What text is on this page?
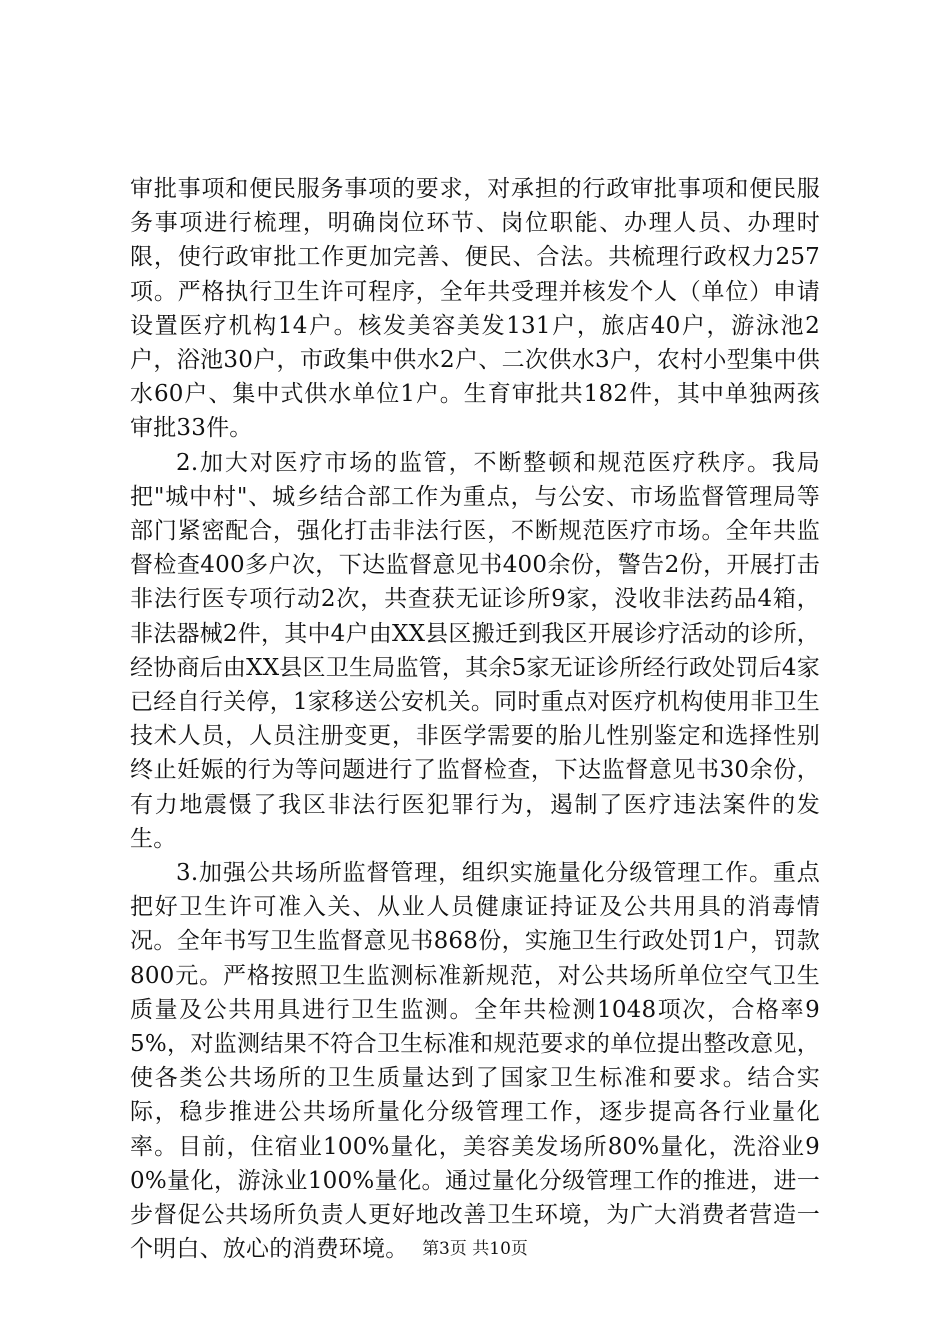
审批事项和便民服务事项的要求，对承担的行政审批事项和便民服务事项进行梳理，明确岗位环节、岗位职能、办理人员、办理时限，使行政审批工作更加完善、便民、合法。共梳理行政权力257项。严格执行卫生许可程序，全年共受理并核发个人（单位）申请设置医疗机构14户。核发美容美发131户，旅店40户，游泳池2户，浴池30户，市政集中供水2户、二次供水3户，农村小型集中供水60户、集中式供水单位1户。生育审批共182件，其中单独两孩审批33件。

2.加大对医疗市场的监管，不断整顿和规范医疗秩序。我局把"城中村"、城乡结合部工作为重点，与公安、市场监督管理局等部门紧密配合，强化打击非法行医，不断规范医疗市场。全年共监督检查400多户次，下达监督意见书400余份，警告2份，开展打击非法行医专项行动2次，共查获无证诊所9家，没收非法药品4箱，非法器械2件，其中4户由XX县区搬迁到我区开展诊疗活动的诊所，经协商后由XX县区卫生局监管，其余5家无证诊所经行政处罚后4家已经自行关停，1家移送公安机关。同时重点对医疗机构使用非卫生技术人员，人员注册变更，非医学需要的胎儿性别鉴定和选择性别终止妊娠的行为等问题进行了监督检查，下达监督意见书30余份，有力地震慑了我区非法行医犯罪行为，遏制了医疗违法案件的发生。

3.加强公共场所监督管理，组织实施量化分级管理工作。重点把好卫生许可准入关、从业人员健康证持证及公共用具的消毒情况。全年书写卫生监督意见书868份，实施卫生行政处罚1户，罚款800元。严格按照卫生监测标准新规范，对公共场所单位空气卫生质量及公共用具进行卫生监测。全年共检测1048项次，合格率95%，对监测结果不符合卫生标准和规范要求的单位提出整改意见，使各类公共场所的卫生质量达到了国家卫生标准和要求。结合实际，稳步推进公共场所量化分级管理工作，逐步提高各行业量化率。目前，住宿业100%量化，美容美发场所80%量化，洗浴业90%量化，游泳业100%量化。通过量化分级管理工作的推进，进一步督促公共场所负责人更好地改善卫生环境，为广大消费者营造一个明白、放心的消费环境。 第3页 共10页
